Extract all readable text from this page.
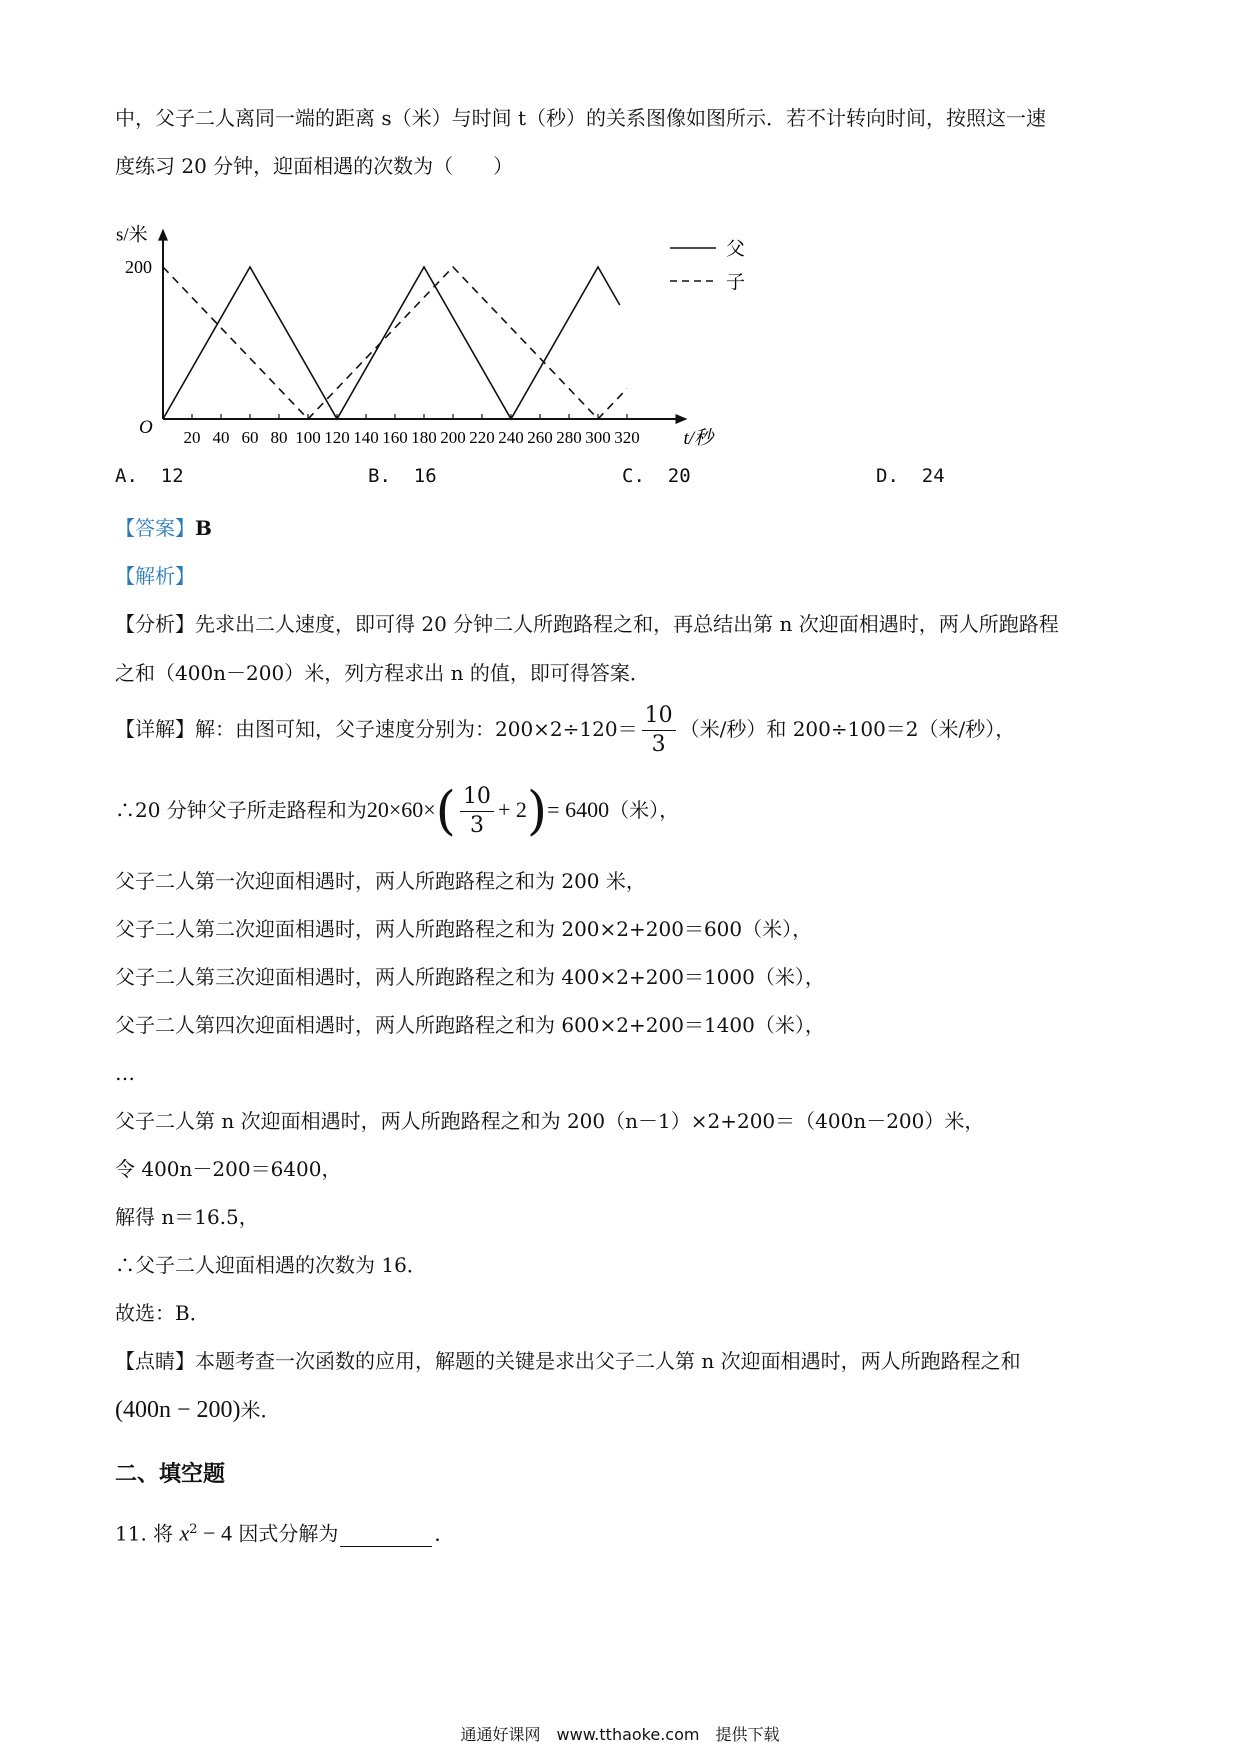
中，父子二人离同一端的距离 s（米）与时间 t（秒）的关系图像如图所示．若不计转向时间，按照这一速
度练习 20 分钟，迎面相遇的次数为（　　）
s/米
t/秒
O
200
20 40 60 80 100 120 140 160 180 200 220 240 260 280 300 320
父
子
A. 12	B. 16	C. 20	D. 24
【答案】B
【解析】
【分析】先求出二人速度，即可得 20 分钟二人所跑路程之和，再总结出第 n 次迎面相遇时，两人所跑路程
之和（400n－200）米，列方程求出 n 的值，即可得答案．
【详解】解：由图可知，父子速度分别为：$200\times 2\div 120= \frac{10}{3}$ （米/秒）和 200÷100＝2（米/秒），
∴20 分钟父子所走路程和为$20\times 60\times( \frac{10}{3} + 2)= 6400$（米），
父子二人第一次迎面相遇时，两人所跑路程之和为 200 米，
父子二人第二次迎面相遇时，两人所跑路程之和为 200×2+200＝600（米），
父子二人第三次迎面相遇时，两人所跑路程之和为 400×2+200＝1000（米），
父子二人第四次迎面相遇时，两人所跑路程之和为 600×2+200＝1400（米），
…
父子二人第 n 次迎面相遇时，两人所跑路程之和为 200（n－1）×2+200＝（400n－200）米，
令 400n－200＝6400，
解得 n＝16.5，
∴父子二人迎面相遇的次数为 16．
故选：B．
【点睛】本题考查一次函数的应用，解题的关键是求出父子二人第 n 次迎面相遇时，两人所跑路程之和
(400n − 200)米．
二、填空题
11. 将 $x^2 - 4$ 因式分解为	．
通通好课网　www.tthaoke.com　提供下载
